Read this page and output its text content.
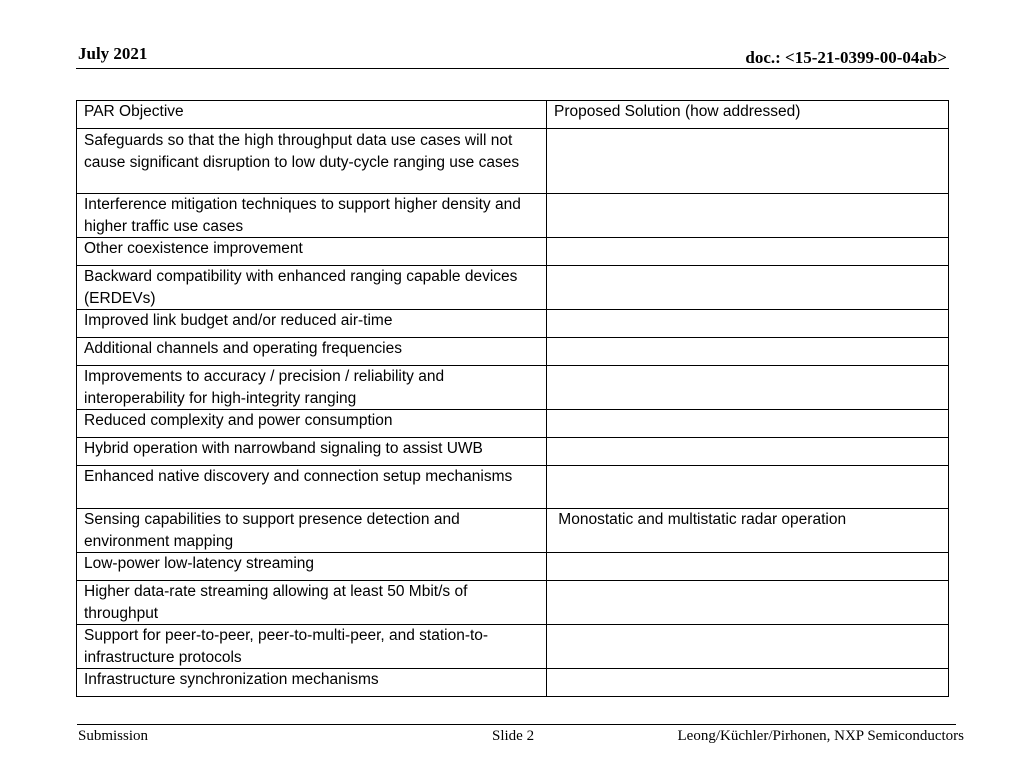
July 2021	doc.: <15-21-0399-00-04ab>
PAR Objective	Proposed Solution (how addressed)
Safeguards so that the high throughput data use cases will not cause significant disruption to low duty-cycle ranging use cases	
Interference mitigation techniques to support higher density and higher traffic use cases	
Other coexistence improvement	
Backward compatibility with enhanced ranging capable devices (ERDEVs)	
Improved link budget and/or reduced air-time	
Additional channels and operating frequencies	
Improvements to accuracy / precision / reliability and interoperability for high-integrity ranging	
Reduced complexity and power consumption	
Hybrid operation with narrowband signaling to assist UWB	
Enhanced native discovery and connection setup mechanisms	
Sensing capabilities to support presence detection and environment mapping	Monostatic and multistatic radar operation
Low-power low-latency streaming	
Higher data-rate streaming allowing at least 50 Mbit/s of throughput	
Support for peer-to-peer, peer-to-multi-peer, and station-to-infrastructure protocols	
Infrastructure synchronization mechanisms	
Submission	Slide 2	Leong/Küchler/Pirhonen, NXP Semiconductors
